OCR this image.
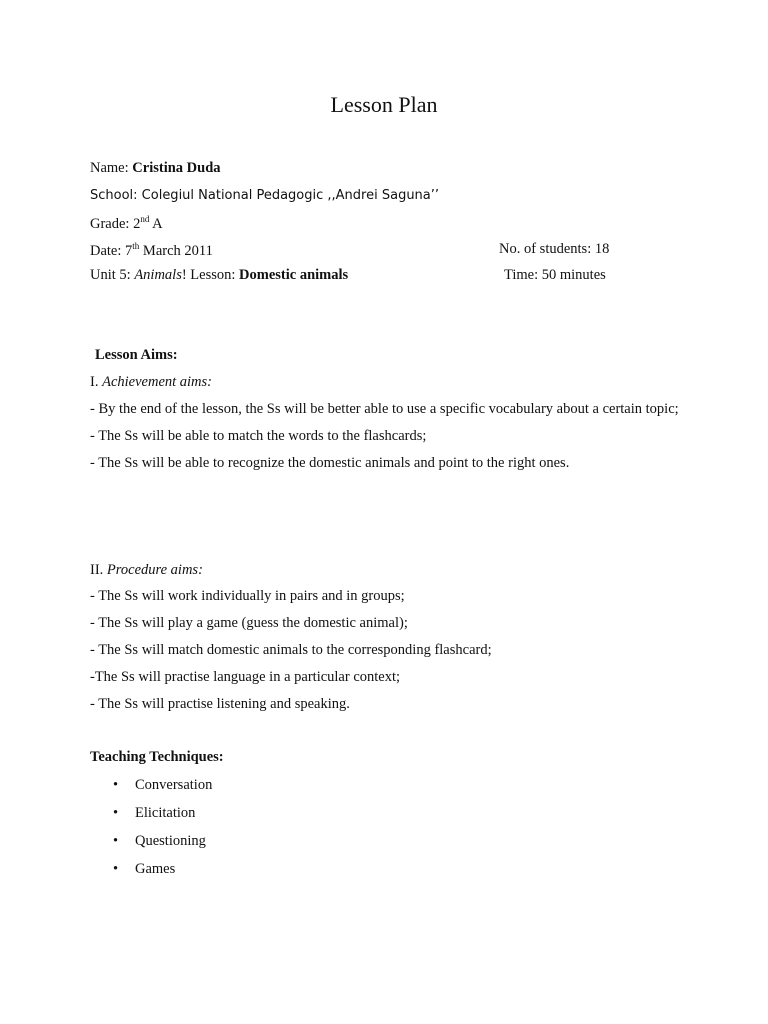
Lesson Plan
Name: Cristina Duda
School: Colegiul National Pedagogic ,,Andrei Saguna’’
Grade: 2nd A
Date: 7th March 2011	No. of students: 18
Unit 5: Animals! Lesson: Domestic animals	Time: 50 minutes
Lesson Aims:
I. Achievement aims:
- By the end of the lesson, the Ss will be better able to use a specific vocabulary about a certain topic;
- The Ss will be able to match the words to the flashcards;
- The Ss will be able to recognize the domestic animals and point to the right ones.
II. Procedure aims:
- The Ss will work individually in pairs and in groups;
- The Ss will play a game (guess the domestic animal);
- The Ss will match domestic animals to the corresponding flashcard;
-The Ss will practise language in a particular context;
- The Ss will practise listening and speaking.
Teaching Techniques:
• Conversation
• Elicitation
• Questioning
• Games
